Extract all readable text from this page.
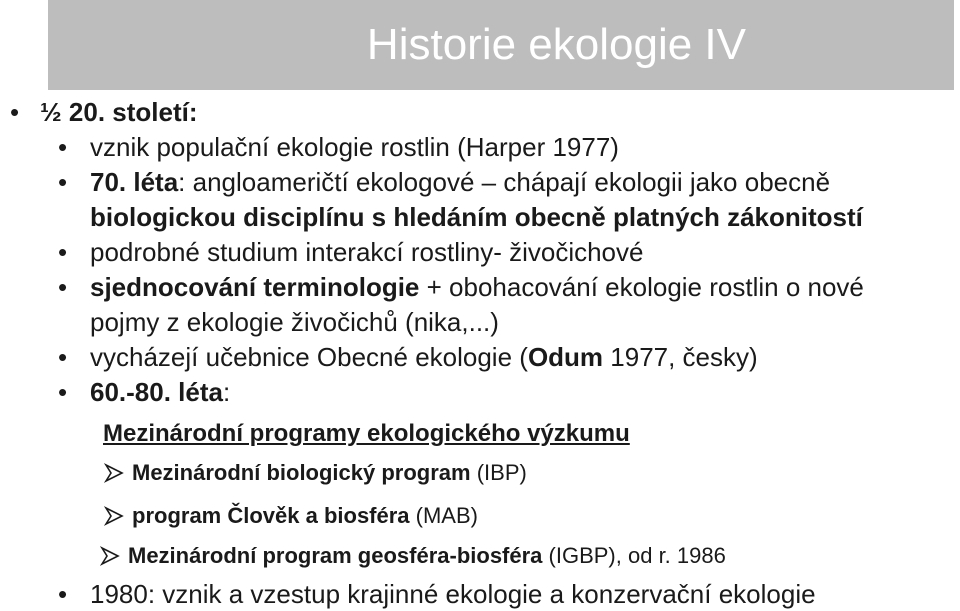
Historie ekologie IV
• ½ 20. století:
• vznik populační ekologie rostlin (Harper 1977)
• 70. léta: angloameričtí ekologové – chápají ekologii jako obecně
biologickou disciplínu s hledáním obecně platných zákonitostí
• podrobné studium interakcí rostliny- živočichové
• sjednocování terminologie + obohacování ekologie rostlin o nové
pojmy z ekologie živočichů (nika,...)
• vycházejí učebnice Obecné ekologie (Odum 1977, česky)
• 60.-80. léta:
Mezinárodní programy ekologického výzkumu
Mezinárodní biologický program (IBP)
program Člověk a biosféra (MAB)
Mezinárodní program geosféra-biosféra (IGBP), od r. 1986
• 1980: vznik a vzestup krajinné ekologie a konzervační ekologie
